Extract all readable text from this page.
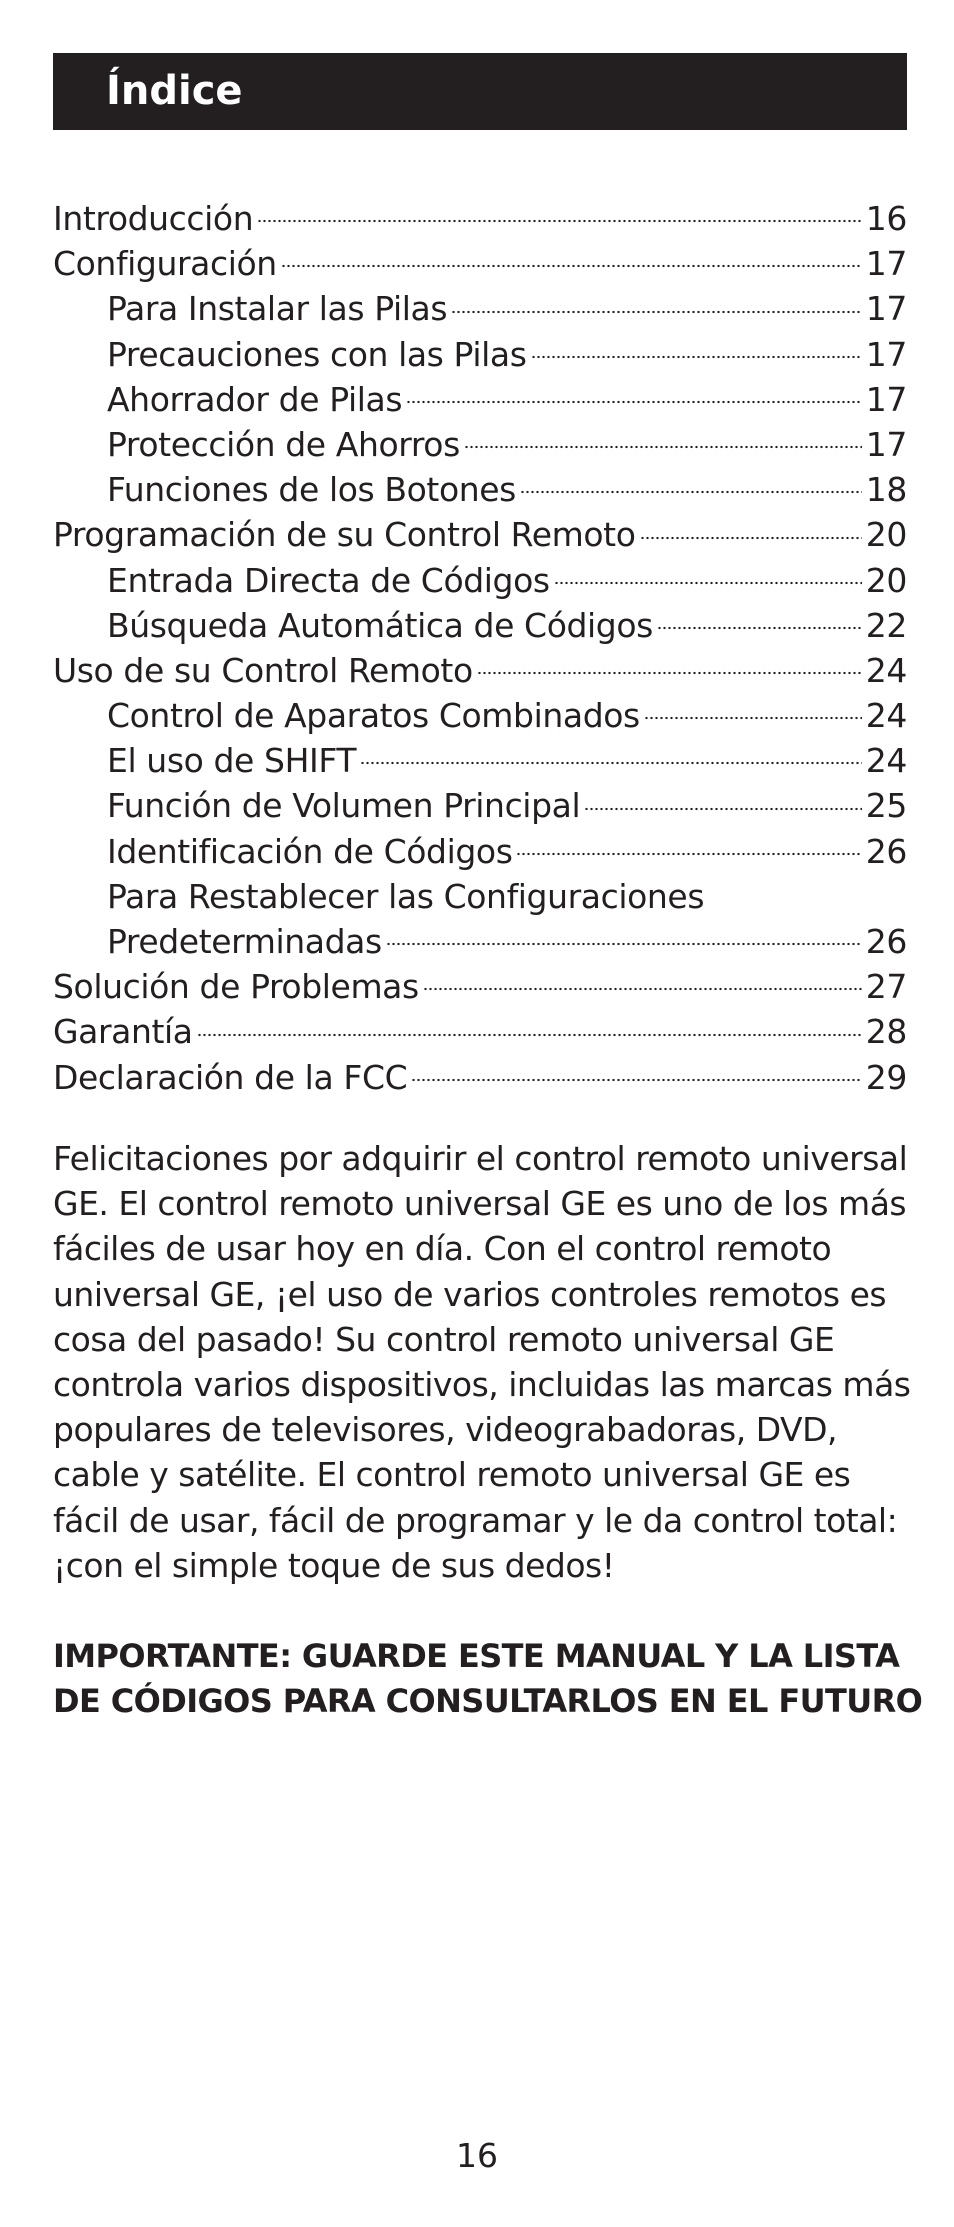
Índice
Introducción	16
Configuración	17
Para Instalar las Pilas	17
Precauciones con las Pilas	17
Ahorrador de Pilas	17
Protección de Ahorros	17
Funciones de los Botones	18
Programación de su Control Remoto	20
Entrada Directa de Códigos	20
Búsqueda Automática de Códigos	22
Uso de su Control Remoto	24
Control de Aparatos Combinados	24
El uso de SHIFT	24
Función de Volumen Principal	25
Identificación de Códigos	26
Para Restablecer las Configuraciones
Predeterminadas	26
Solución de Problemas	27
Garantía	28
Declaración de la FCC	29

Felicitaciones por adquirir el control remoto universal GE. El control remoto universal GE es uno de los más fáciles de usar hoy en día. Con el control remoto universal GE, ¡el uso de varios controles remotos es cosa del pasado! Su control remoto universal GE controla varios dispositivos, incluidas las marcas más populares de televisores, videograbadoras, DVD, cable y satélite. El control remoto universal GE es fácil de usar, fácil de programar y le da control total: ¡con el simple toque de sus dedos!

IMPORTANTE: GUARDE ESTE MANUAL Y LA LISTA DE CÓDIGOS PARA CONSULTARLOS EN EL FUTURO

16
